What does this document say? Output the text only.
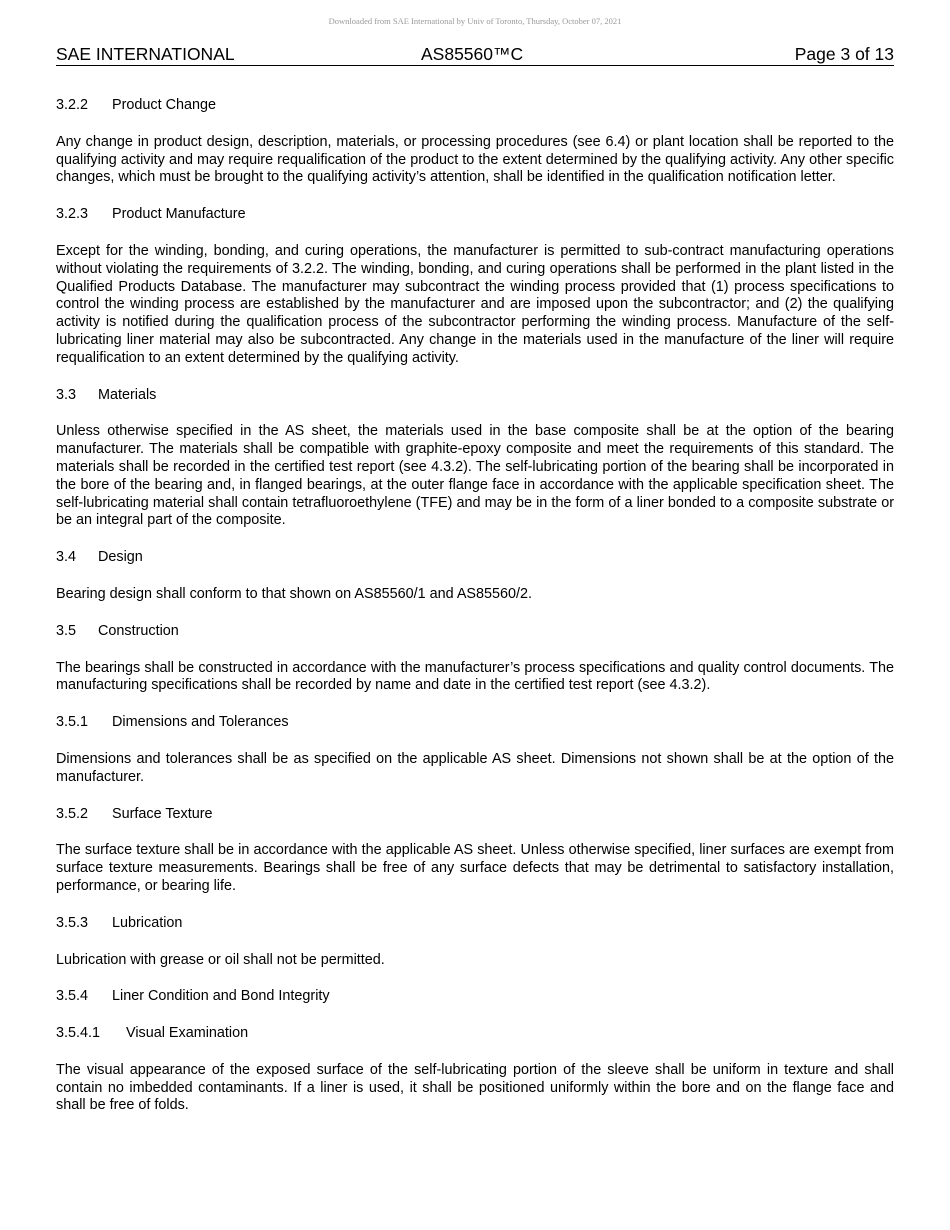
Downloaded from SAE International by Univ of Toronto, Thursday, October 07, 2021
SAE INTERNATIONAL	AS85560™C	Page 3 of 13
3.2.2 Product Change
Any change in product design, description, materials, or processing procedures (see 6.4) or plant location shall be reported to the qualifying activity and may require requalification of the product to the extent determined by the qualifying activity. Any other specific changes, which must be brought to the qualifying activity’s attention, shall be identified in the qualification notification letter.
3.2.3 Product Manufacture
Except for the winding, bonding, and curing operations, the manufacturer is permitted to sub-contract manufacturing operations without violating the requirements of 3.2.2. The winding, bonding, and curing operations shall be performed in the plant listed in the Qualified Products Database. The manufacturer may subcontract the winding process provided that (1) process specifications to control the winding process are established by the manufacturer and are imposed upon the subcontractor; and (2) the qualifying activity is notified during the qualification process of the subcontractor performing the winding process. Manufacture of the self-lubricating liner material may also be subcontracted. Any change in the materials used in the manufacture of the liner will require requalification to an extent determined by the qualifying activity.
3.3 Materials
Unless otherwise specified in the AS sheet, the materials used in the base composite shall be at the option of the bearing manufacturer. The materials shall be compatible with graphite-epoxy composite and meet the requirements of this standard. The materials shall be recorded in the certified test report (see 4.3.2). The self-lubricating portion of the bearing shall be incorporated in the bore of the bearing and, in flanged bearings, at the outer flange face in accordance with the applicable specification sheet. The self-lubricating material shall contain tetrafluoroethylene (TFE) and may be in the form of a liner bonded to a composite substrate or be an integral part of the composite.
3.4 Design
Bearing design shall conform to that shown on AS85560/1 and AS85560/2.
3.5 Construction
The bearings shall be constructed in accordance with the manufacturer’s process specifications and quality control documents. The manufacturing specifications shall be recorded by name and date in the certified test report (see 4.3.2).
3.5.1 Dimensions and Tolerances
Dimensions and tolerances shall be as specified on the applicable AS sheet. Dimensions not shown shall be at the option of the manufacturer.
3.5.2 Surface Texture
The surface texture shall be in accordance with the applicable AS sheet. Unless otherwise specified, liner surfaces are exempt from surface texture measurements. Bearings shall be free of any surface defects that may be detrimental to satisfactory installation, performance, or bearing life.
3.5.3 Lubrication
Lubrication with grease or oil shall not be permitted.
3.5.4 Liner Condition and Bond Integrity
3.5.4.1 Visual Examination
The visual appearance of the exposed surface of the self-lubricating portion of the sleeve shall be uniform in texture and shall contain no imbedded contaminants. If a liner is used, it shall be positioned uniformly within the bore and on the flange face and shall be free of folds.
